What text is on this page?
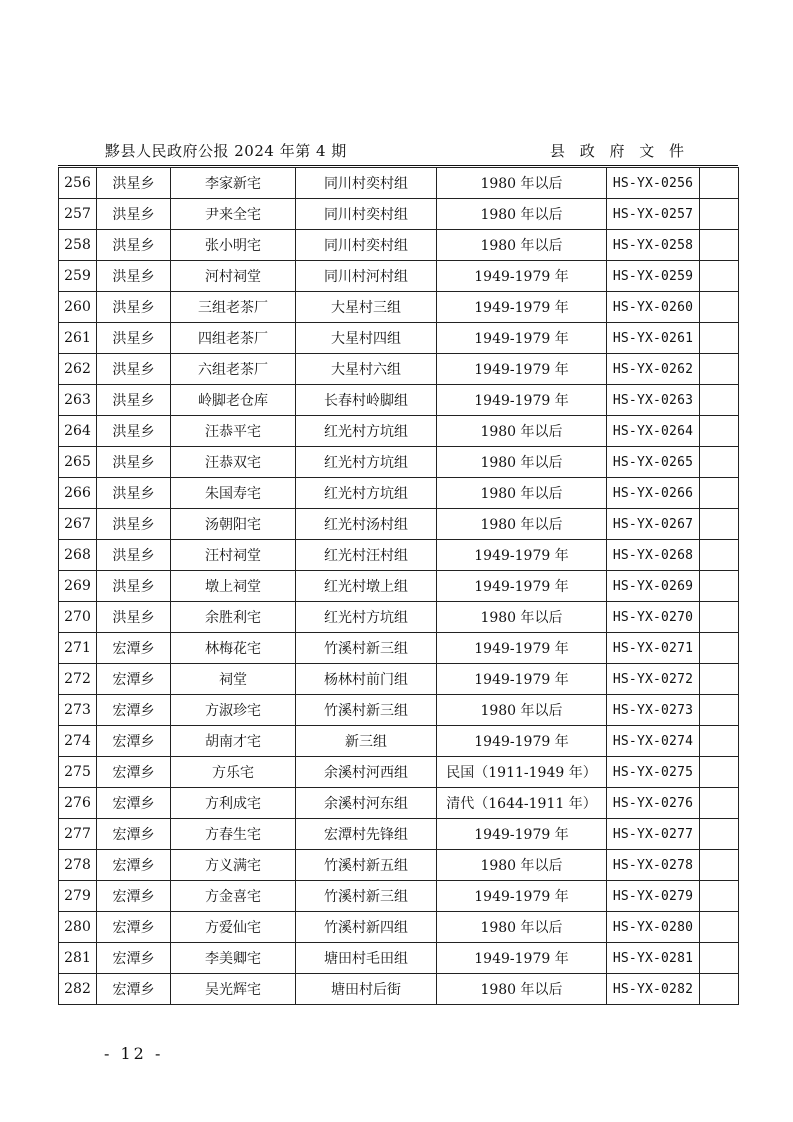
黟县人民政府公报 2024 年第 4 期	县 政 府 文 件
256	洪星乡	李家新宅	同川村奕村组	1980 年以后	HS-YX-0256	
257	洪星乡	尹来全宅	同川村奕村组	1980 年以后	HS-YX-0257	
258	洪星乡	张小明宅	同川村奕村组	1980 年以后	HS-YX-0258	
259	洪星乡	河村祠堂	同川村河村组	1949-1979 年	HS-YX-0259	
260	洪星乡	三组老茶厂	大星村三组	1949-1979 年	HS-YX-0260	
261	洪星乡	四组老茶厂	大星村四组	1949-1979 年	HS-YX-0261	
262	洪星乡	六组老茶厂	大星村六组	1949-1979 年	HS-YX-0262	
263	洪星乡	岭脚老仓库	长春村岭脚组	1949-1979 年	HS-YX-0263	
264	洪星乡	汪恭平宅	红光村方坑组	1980 年以后	HS-YX-0264	
265	洪星乡	汪恭双宅	红光村方坑组	1980 年以后	HS-YX-0265	
266	洪星乡	朱国寿宅	红光村方坑组	1980 年以后	HS-YX-0266	
267	洪星乡	汤朝阳宅	红光村汤村组	1980 年以后	HS-YX-0267	
268	洪星乡	汪村祠堂	红光村汪村组	1949-1979 年	HS-YX-0268	
269	洪星乡	墩上祠堂	红光村墩上组	1949-1979 年	HS-YX-0269	
270	洪星乡	余胜利宅	红光村方坑组	1980 年以后	HS-YX-0270	
271	宏潭乡	林梅花宅	竹溪村新三组	1949-1979 年	HS-YX-0271	
272	宏潭乡	祠堂	杨林村前门组	1949-1979 年	HS-YX-0272	
273	宏潭乡	方淑珍宅	竹溪村新三组	1980 年以后	HS-YX-0273	
274	宏潭乡	胡南才宅	新三组	1949-1979 年	HS-YX-0274	
275	宏潭乡	方乐宅	余溪村河西组	民国（1911-1949 年）	HS-YX-0275	
276	宏潭乡	方利成宅	余溪村河东组	清代（1644-1911 年）	HS-YX-0276	
277	宏潭乡	方春生宅	宏潭村先锋组	1949-1979 年	HS-YX-0277	
278	宏潭乡	方义满宅	竹溪村新五组	1980 年以后	HS-YX-0278	
279	宏潭乡	方金喜宅	竹溪村新三组	1949-1979 年	HS-YX-0279	
280	宏潭乡	方爱仙宅	竹溪村新四组	1980 年以后	HS-YX-0280	
281	宏潭乡	李美卿宅	塘田村毛田组	1949-1979 年	HS-YX-0281	
282	宏潭乡	吴光辉宅	塘田村后街	1980 年以后	HS-YX-0282	
- 12 -
